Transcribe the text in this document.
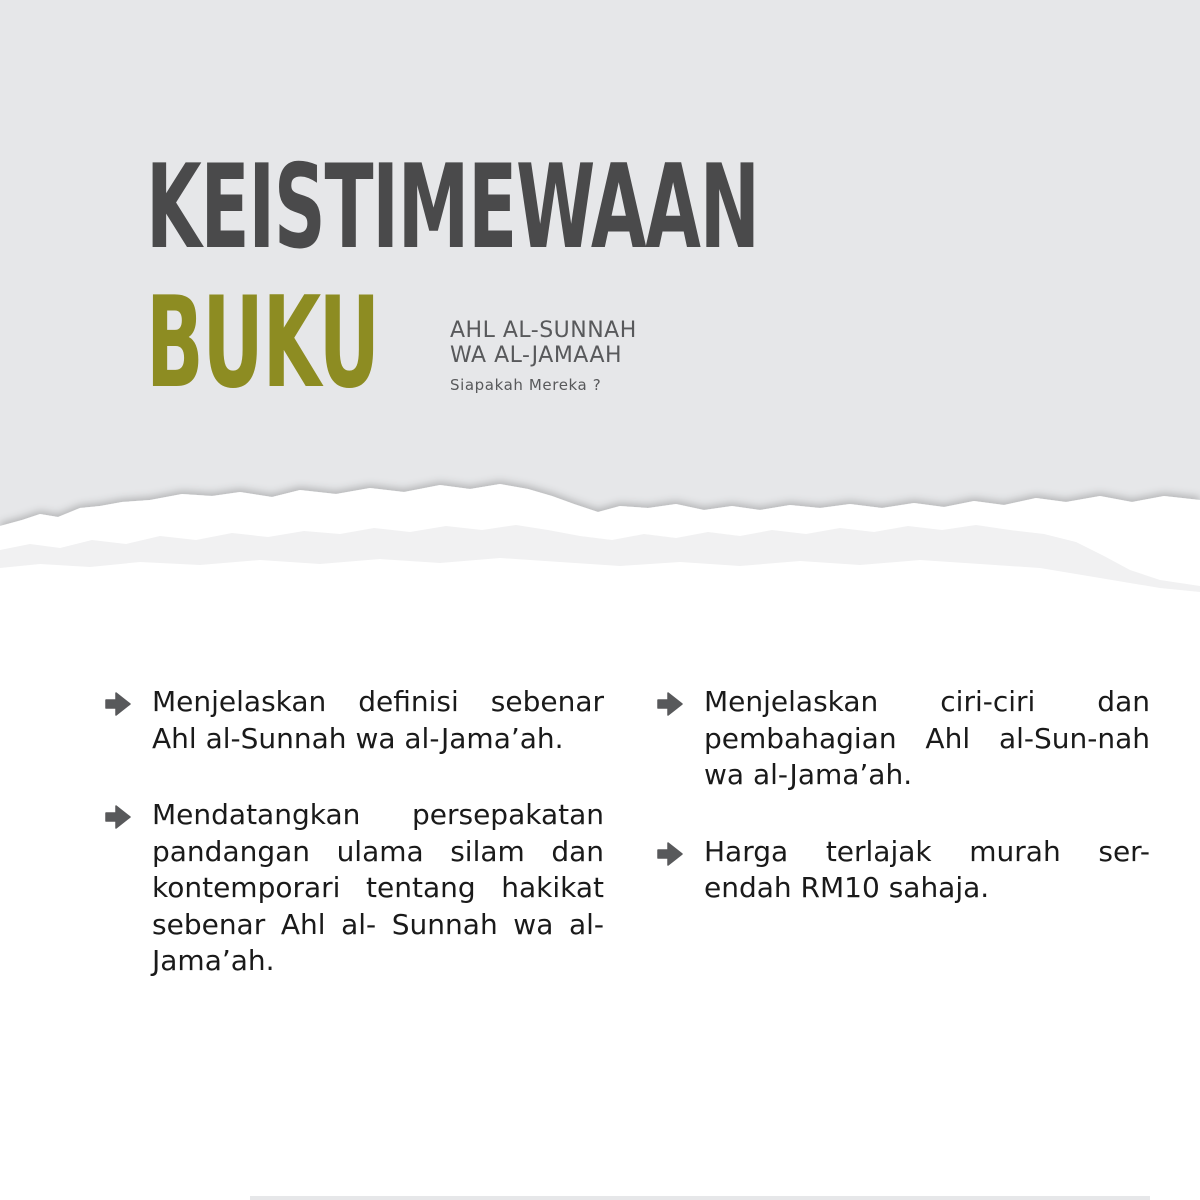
KEISTIMEWAAN
BUKU	AHL AL-SUNNAH
WA AL-JAMAAH
Siapakah Mereka ?

Menjelaskan definisi sebenar Ahl al-Sunnah wa al-Jama’ah.

Mendatangkan persepakatan pandangan ulama silam dan kontemporari tentang hakikat sebenar Ahl al- Sunnah wa al-Jama’ah.

Menjelaskan ciri-ciri dan pembahagian Ahl al-Sun-nah wa al-Jama’ah.

Harga terlajak murah ser-endah RM10 sahaja.
